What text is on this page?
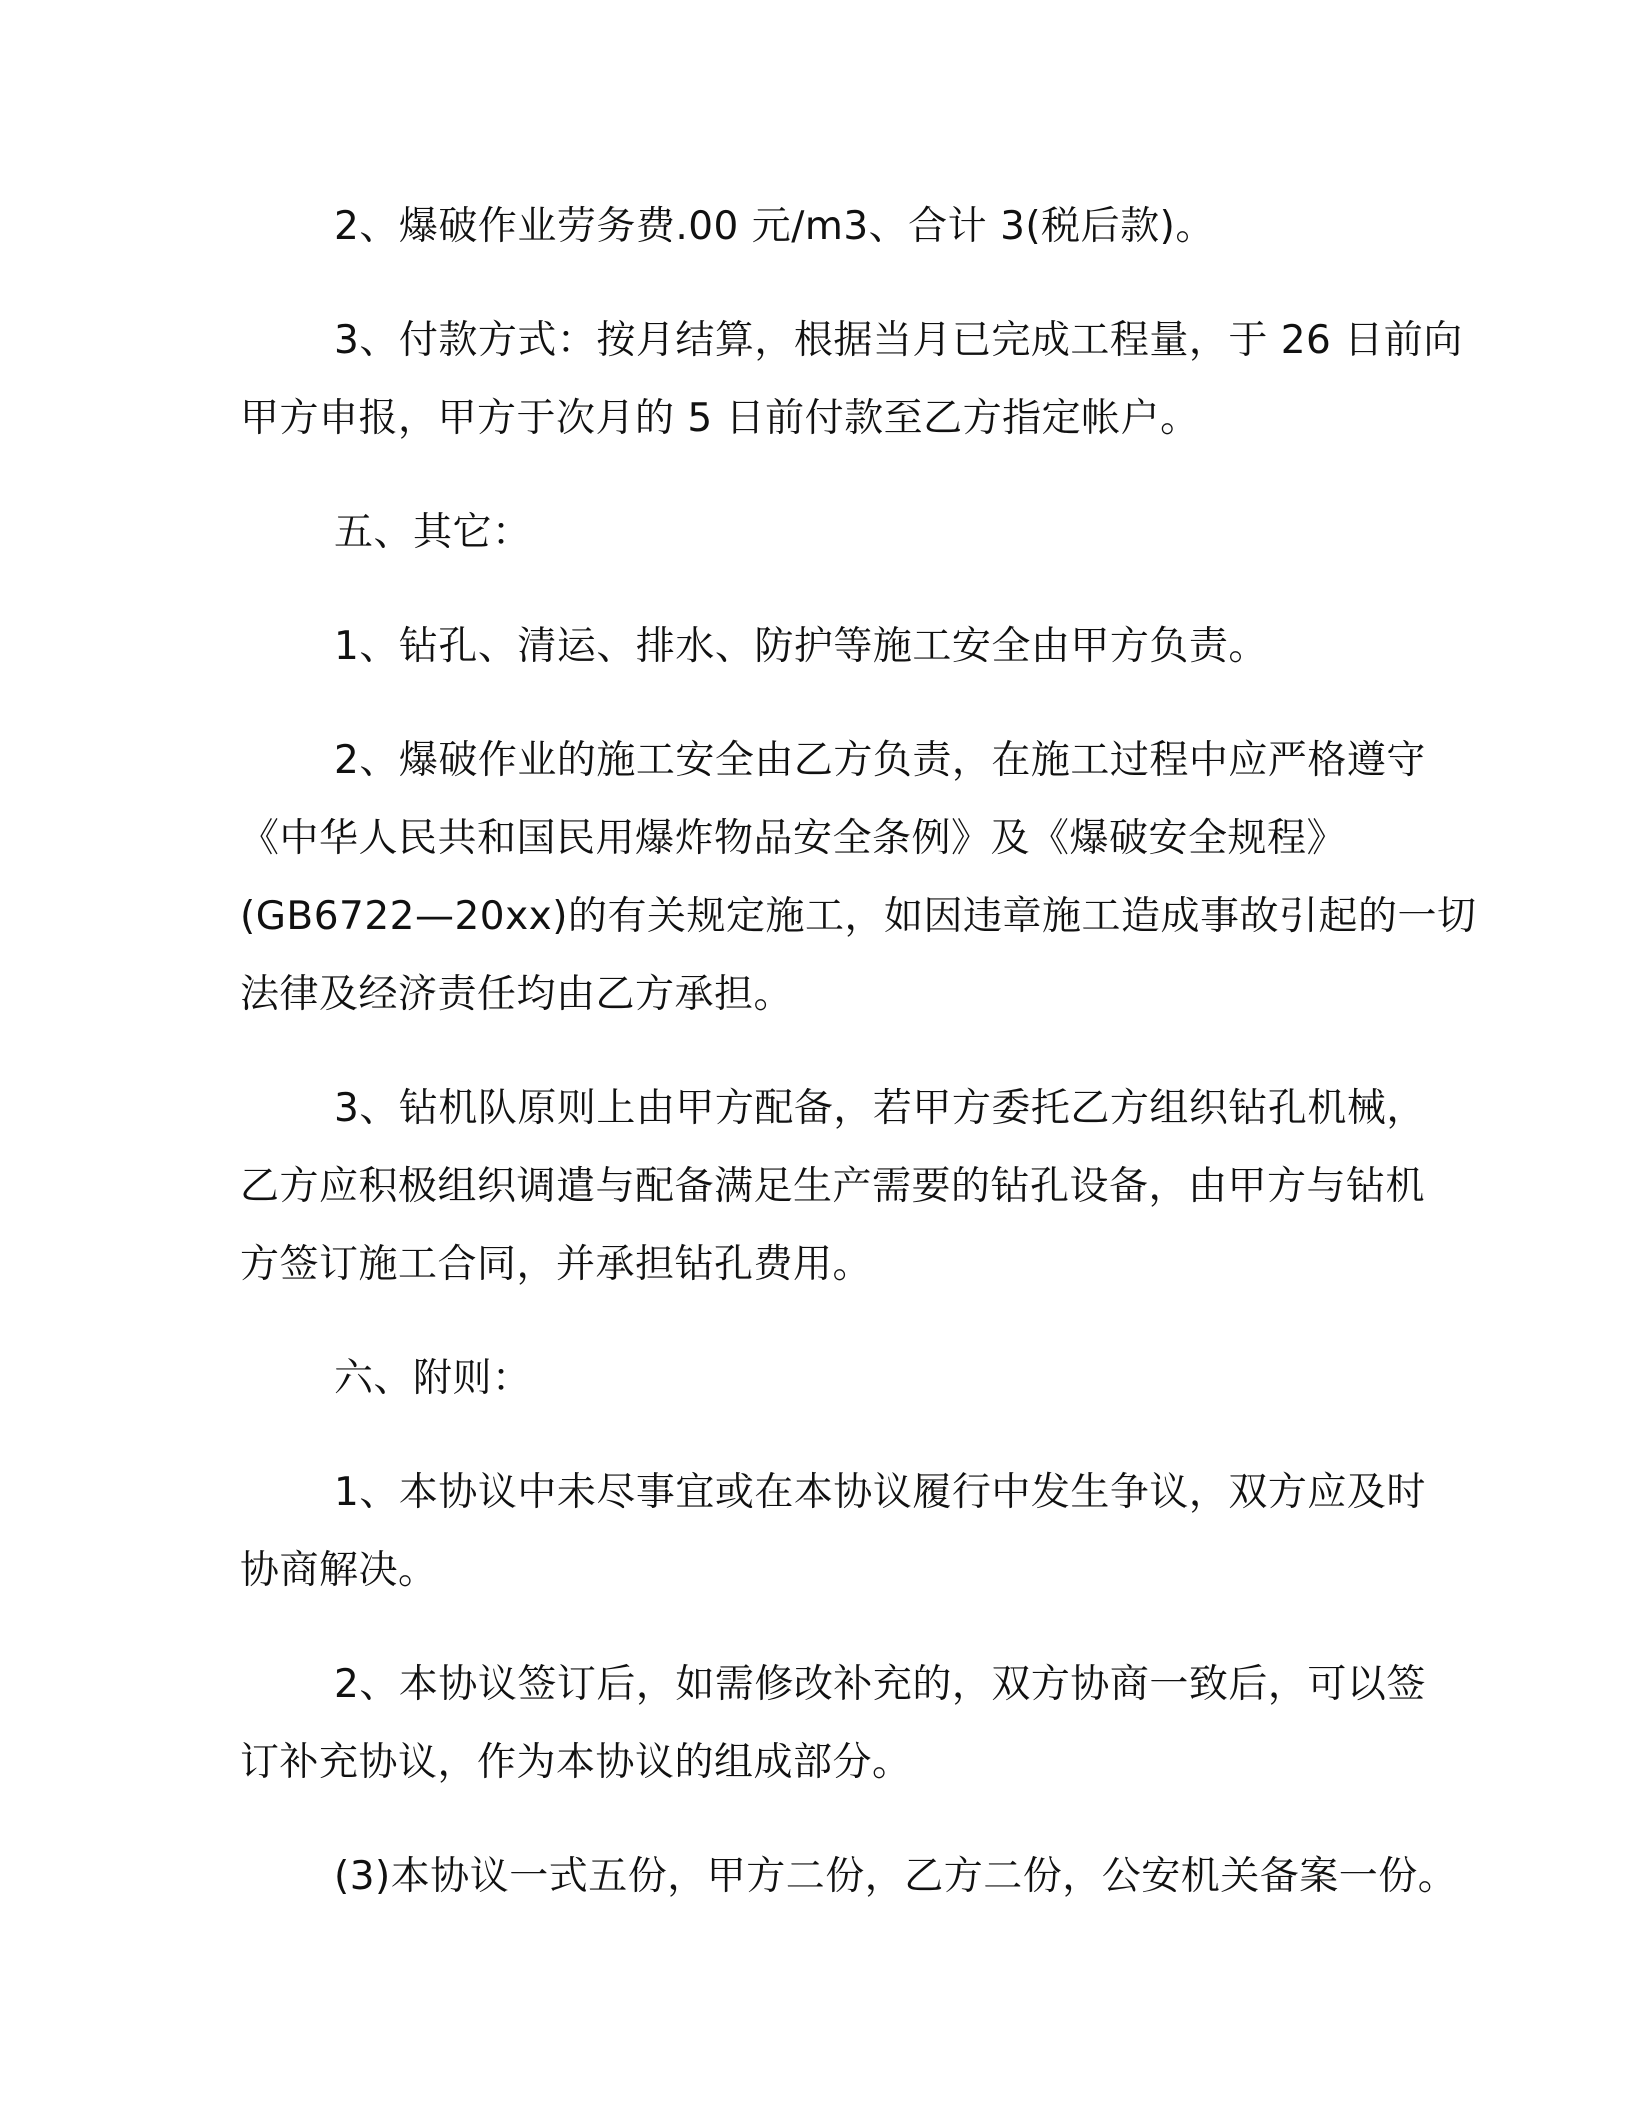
2、爆破作业劳务费.00 元/m3、合计 3(税后款)。
3、付款方式：按月结算，根据当月已完成工程量，于 26 日前向
甲方申报，甲方于次月的 5 日前付款至乙方指定帐户。
五、其它：
1、钻孔、清运、排水、防护等施工安全由甲方负责。
2、爆破作业的施工安全由乙方负责，在施工过程中应严格遵守
《中华人民共和国民用爆炸物品安全条例》及《爆破安全规程》
(GB6722—20xx)的有关规定施工，如因违章施工造成事故引起的一切
法律及经济责任均由乙方承担。
3、钻机队原则上由甲方配备，若甲方委托乙方组织钻孔机械，
乙方应积极组织调遣与配备满足生产需要的钻孔设备，由甲方与钻机
方签订施工合同，并承担钻孔费用。
六、附则：
1、本协议中未尽事宜或在本协议履行中发生争议，双方应及时
协商解决。
2、本协议签订后，如需修改补充的，双方协商一致后，可以签
订补充协议，作为本协议的组成部分。
(3)本协议一式五份，甲方二份，乙方二份，公安机关备案一份。
